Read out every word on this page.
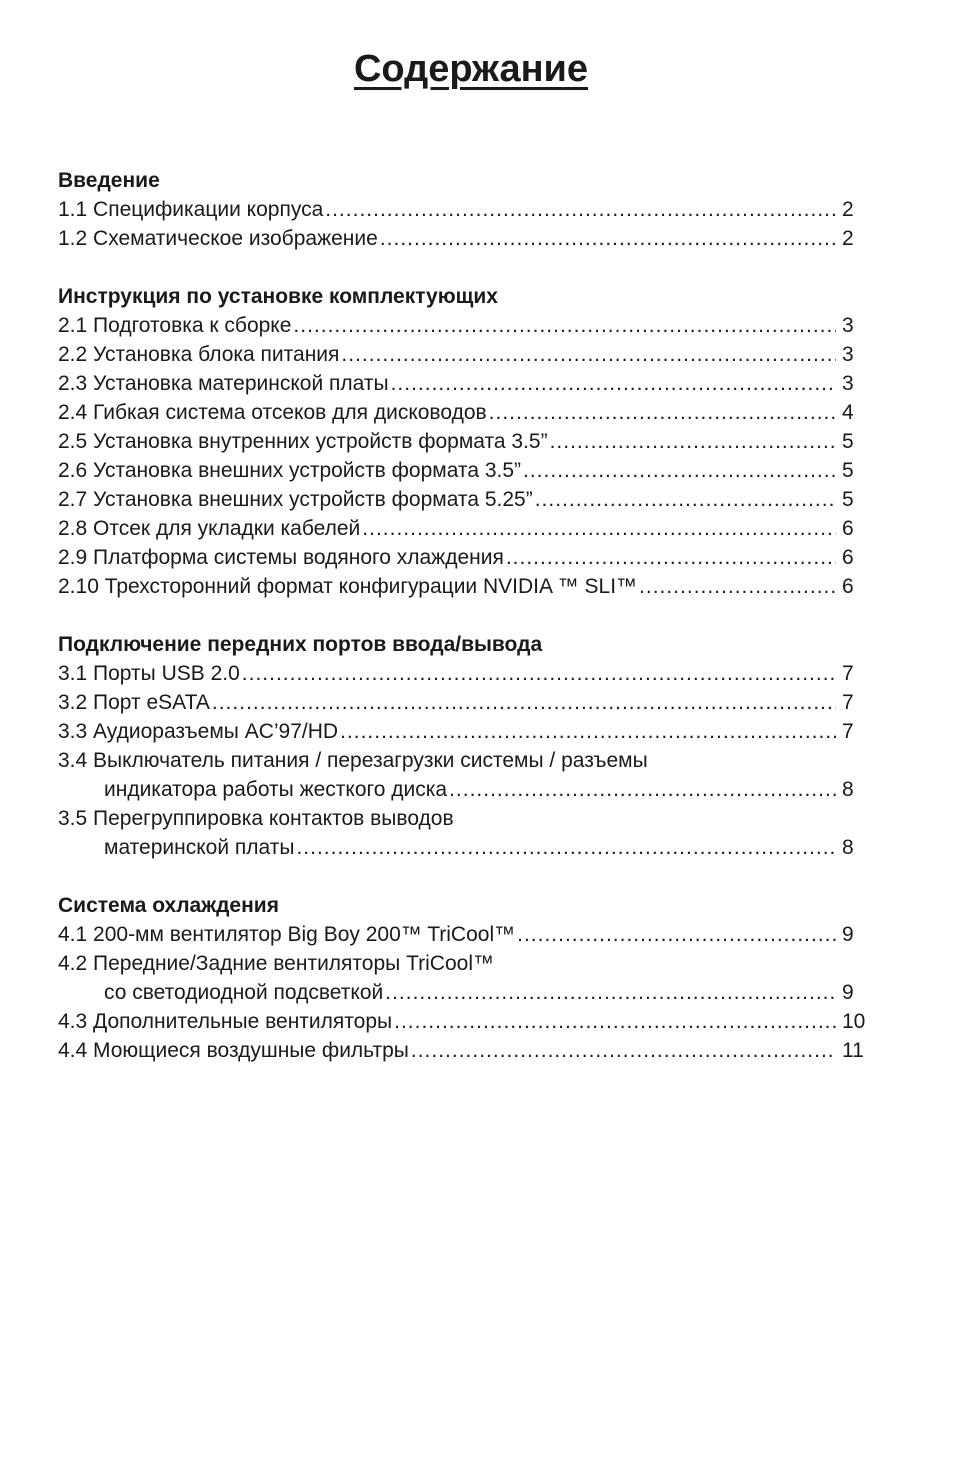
Содержание
Введение
1.1 Спецификации корпуса .....	2
1.2 Схематическое изображение .....	2
Инструкция по установке комплектующих
2.1 Подготовка к сборке .....	3
2.2 Установка блока питания .....	3
2.3 Установка материнской платы .....	3
2.4 Гибкая система отсеков для дисководов .....	4
2.5 Установка внутренних устройств формата 3.5” .....	5
2.6 Установка внешних устройств формата 3.5” .....	5
2.7 Установка внешних устройств формата 5.25” .....	5
2.8 Отсек для укладки кабелей .....	6
2.9 Платформа системы водяного хлаждения .....	6
2.10 Трехсторонний формат конфигурации NVIDIA ™ SLI™ .....	6
Подключение передних портов ввода/вывода
3.1 Порты USB 2.0 .....	7
3.2 Порт eSATA .....	7
3.3 Аудиоразъемы AC’97/HD .....	7
3.4 Выключатель питания / перезагрузки системы / разъемы
индикатора работы жесткого диска .....	8
3.5 Перегруппировка контактов выводов
материнской платы .....	8
Система охлаждения
4.1 200-мм вентилятор Big Boy 200™ TriCool™ .....	9
4.2 Передние/Задние вентиляторы TriCool™
со светодиодной подсветкой .....	9
4.3 Дополнительные вентиляторы .....	10
4.4 Моющиеся воздушные фильтры .....	11
